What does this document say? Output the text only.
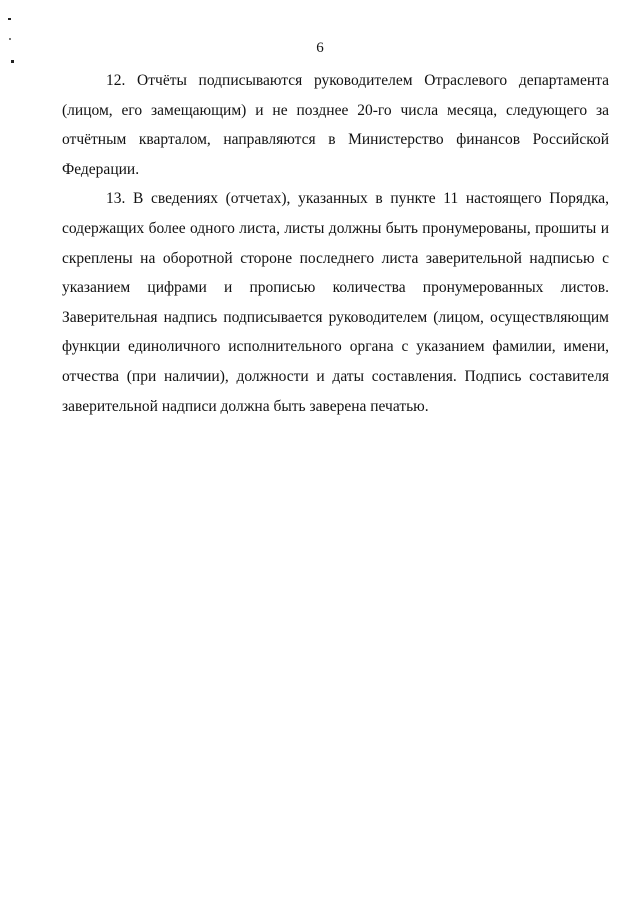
6

12. Отчёты подписываются руководителем Отраслевого департамента (лицом, его замещающим) и не позднее 20-го числа месяца, следующего за отчётным кварталом, направляются в Министерство финансов Российской Федерации.

13. В сведениях (отчетах), указанных в пункте 11 настоящего Порядка, содержащих более одного листа, листы должны быть пронумерованы, прошиты и скреплены на оборотной стороне последнего листа заверительной надписью с указанием цифрами и прописью количества пронумерованных листов. Заверительная надпись подписывается руководителем (лицом, осуществляющим функции единоличного исполнительного органа с указанием фамилии, имени, отчества (при наличии), должности и даты составления. Подпись составителя заверительной надписи должна быть заверена печатью.
